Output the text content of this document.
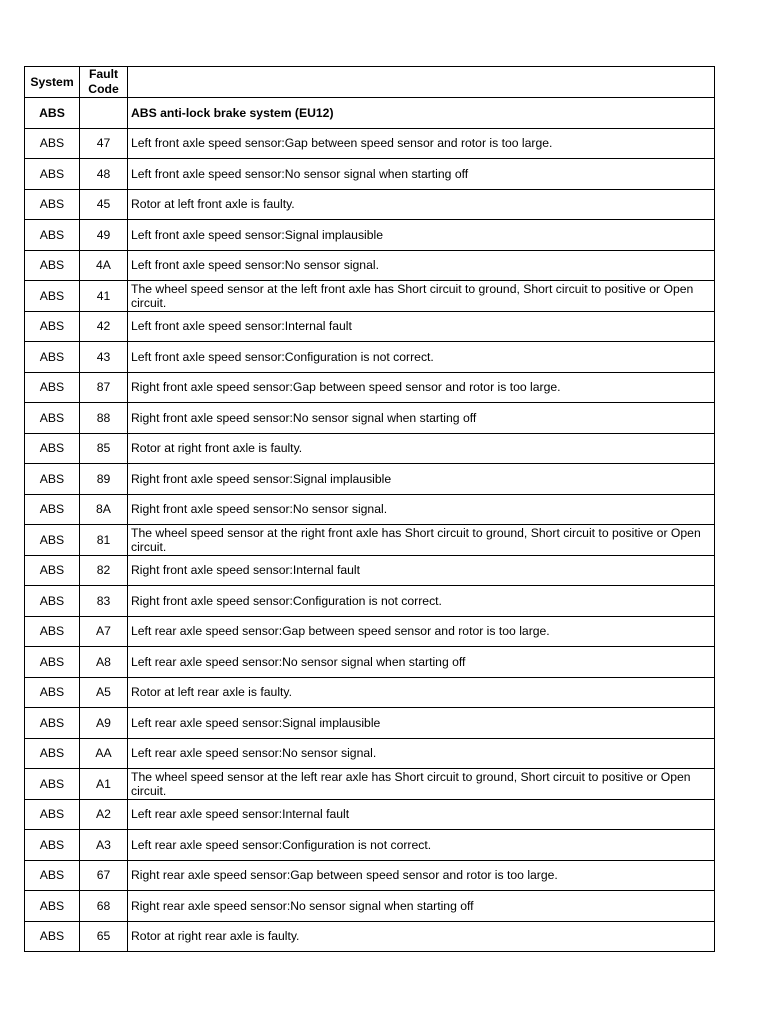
System	Fault Code	
ABS		ABS anti-lock brake system (EU12)
ABS	47	Left front axle speed sensor:Gap between speed sensor and rotor is too large.
ABS	48	Left front axle speed sensor:No sensor signal when starting off
ABS	45	Rotor at left front axle is faulty.
ABS	49	Left front axle speed sensor:Signal implausible
ABS	4A	Left front axle speed sensor:No sensor signal.
ABS	41	The wheel speed sensor at the left front axle has Short circuit to ground, Short circuit to positive or Open circuit.
ABS	42	Left front axle speed sensor:Internal fault
ABS	43	Left front axle speed sensor:Configuration is not correct.
ABS	87	Right front axle speed sensor:Gap between speed sensor and rotor is too large.
ABS	88	Right front axle speed sensor:No sensor signal when starting off
ABS	85	Rotor at right front axle is faulty.
ABS	89	Right front axle speed sensor:Signal implausible
ABS	8A	Right front axle speed sensor:No sensor signal.
ABS	81	The wheel speed sensor at the right front axle has Short circuit to ground, Short circuit to positive or Open circuit.
ABS	82	Right front axle speed sensor:Internal fault
ABS	83	Right front axle speed sensor:Configuration is not correct.
ABS	A7	Left rear axle speed sensor:Gap between speed sensor and rotor is too large.
ABS	A8	Left rear axle speed sensor:No sensor signal when starting off
ABS	A5	Rotor at left rear axle is faulty.
ABS	A9	Left rear axle speed sensor:Signal implausible
ABS	AA	Left rear axle speed sensor:No sensor signal.
ABS	A1	The wheel speed sensor at the left rear axle has Short circuit to ground, Short circuit to positive or Open circuit.
ABS	A2	Left rear axle speed sensor:Internal fault
ABS	A3	Left rear axle speed sensor:Configuration is not correct.
ABS	67	Right rear axle speed sensor:Gap between speed sensor and rotor is too large.
ABS	68	Right rear axle speed sensor:No sensor signal when starting off
ABS	65	Rotor at right rear axle is faulty.
